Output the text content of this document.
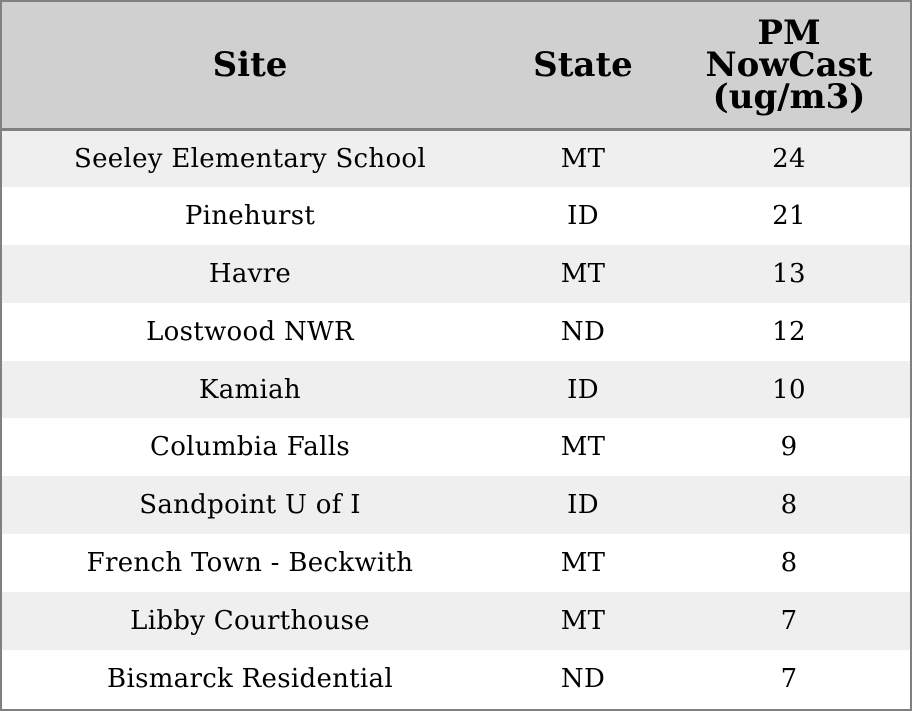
Site	State	PM
NowCast
(ug/m3)

Seeley Elementary School	MT	24
Pinehurst	ID	21
Havre	MT	13
Lostwood NWR	ND	12
Kamiah	ID	10
Columbia Falls	MT	9
Sandpoint U of I	ID	8
French Town - Beckwith	MT	8
Libby Courthouse	MT	7
Bismarck Residential	ND	7
